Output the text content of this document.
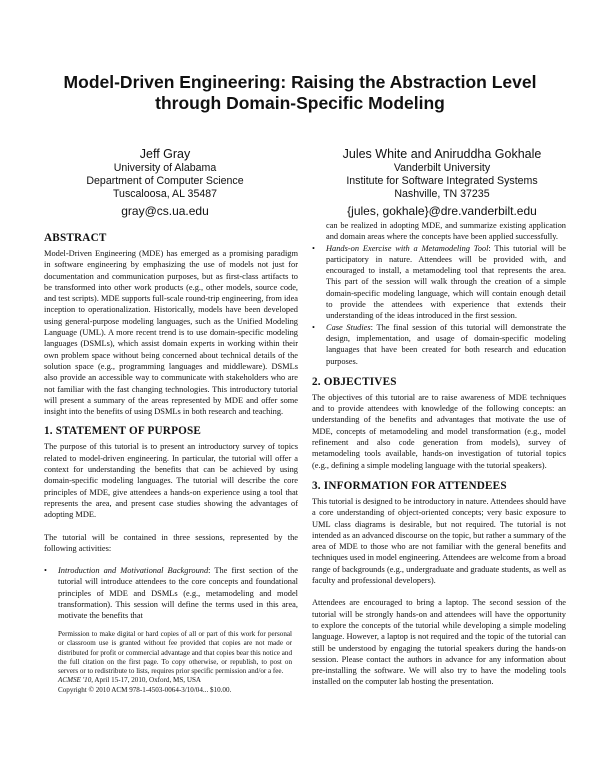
Model-Driven Engineering: Raising the Abstraction Level
through Domain-Specific Modeling
Jeff Gray
University of Alabama
Department of Computer Science
Tuscaloosa, AL 35487
gray@cs.ua.edu
Jules White and Aniruddha Gokhale
Vanderbilt University
Institute for Software Integrated Systems
Nashville, TN 37235
{jules, gokhale}@dre.vanderbilt.edu
ABSTRACT

Model-Driven Engineering (MDE) has emerged as a promising paradigm in software engineering by emphasizing the use of models not just for documentation and communication purposes, but as first-class artifacts to be transformed into other work products (e.g., other models, source code, and test scripts). MDE supports full-scale round-trip engineering, from idea inception to operationalization. Historically, models have been developed using general-purpose modeling languages, such as the Unified Modeling Language (UML). A more recent trend is to use domain-specific modeling languages (DSMLs), which assist domain experts in working within their own problem space without being concerned about technical details of the solution space (e.g., programming languages and middleware). DSMLs also provide an accessible way to communicate with stakeholders who are not familiar with the fast changing technologies. This introductory tutorial will present a summary of the areas represented by MDE and offer some insight into the benefits of using DSMLs in both research and teaching.

1. STATEMENT OF PURPOSE

The purpose of this tutorial is to present an introductory survey of topics related to model-driven engineering. In particular, the tutorial will offer a context for understanding the benefits that can be achieved by using domain-specific modeling languages. The tutorial will describe the core principles of MDE, give attendees a hands-on experience using a tool that represents the area, and present case studies showing the advantages of adopting MDE.

The tutorial will be contained in three sessions, represented by the following activities:

• Introduction and Motivational Background: The first section of the tutorial will introduce attendees to the core concepts and foundational principles of MDE and DSMLs (e.g., metamodeling and model transformation). This session will define the terms used in this area, motivate the benefits that

Permission to make digital or hard copies of all or part of this work for personal or classroom use is granted without fee provided that copies are not made or distributed for profit or commercial advantage and that copies bear this notice and the full citation on the first page. To copy otherwise, or republish, to post on servers or to redistribute to lists, requires prior specific permission and/or a fee.

ACMSE '10, April 15-17, 2010, Oxford, MS, USA
Copyright © 2010 ACM 978-1-4503-0064-3/10/04... $10.00.

can be realized in adopting MDE, and summarize existing application and domain areas where the concepts have been applied successfully.

• Hands-on Exercise with a Metamodeling Tool: This tutorial will be participatory in nature. Attendees will be provided with, and encouraged to install, a metamodeling tool that represents the area. This part of the session will walk through the creation of a simple domain-specific modeling language, which will contain enough detail to provide the attendees with experience that extends their understanding of the ideas introduced in the first session.
• Case Studies: The final session of this tutorial will demonstrate the design, implementation, and usage of domain-specific modeling languages that have been created for both research and education purposes.
2. OBJECTIVES

The objectives of this tutorial are to raise awareness of MDE techniques and to provide attendees with knowledge of the following concepts: an understanding of the benefits and advantages that motivate the use of MDE, concepts of metamodeling and model transformation (e.g., model refinement and also code generation from models), survey of metamodeling tools available, hands-on investigation of tutorial topics (e.g., defining a simple modeling language with the tutorial speakers).

3. INFORMATION FOR ATTENDEES

This tutorial is designed to be introductory in nature. Attendees should have a core understanding of object-oriented concepts; very basic exposure to UML class diagrams is desirable, but not required. The tutorial is not intended as an advanced discourse on the topic, but rather a summary of the area of MDE to those who are not familiar with the general benefits and techniques used in model engineering. Attendees are welcome from a broad range of backgrounds (e.g., undergraduate and graduate students, as well as faculty and professional developers).

Attendees are encouraged to bring a laptop. The second session of the tutorial will be strongly hands-on and attendees will have the opportunity to explore the concepts of the tutorial while developing a simple modeling language. However, a laptop is not required and the topic of the tutorial can still be understood by engaging the tutorial speakers during the hands-on session. Please contact the authors in advance for any information about pre-installing the software. We will also try to have the modeling tools installed on the computer lab hosting the presentation.
